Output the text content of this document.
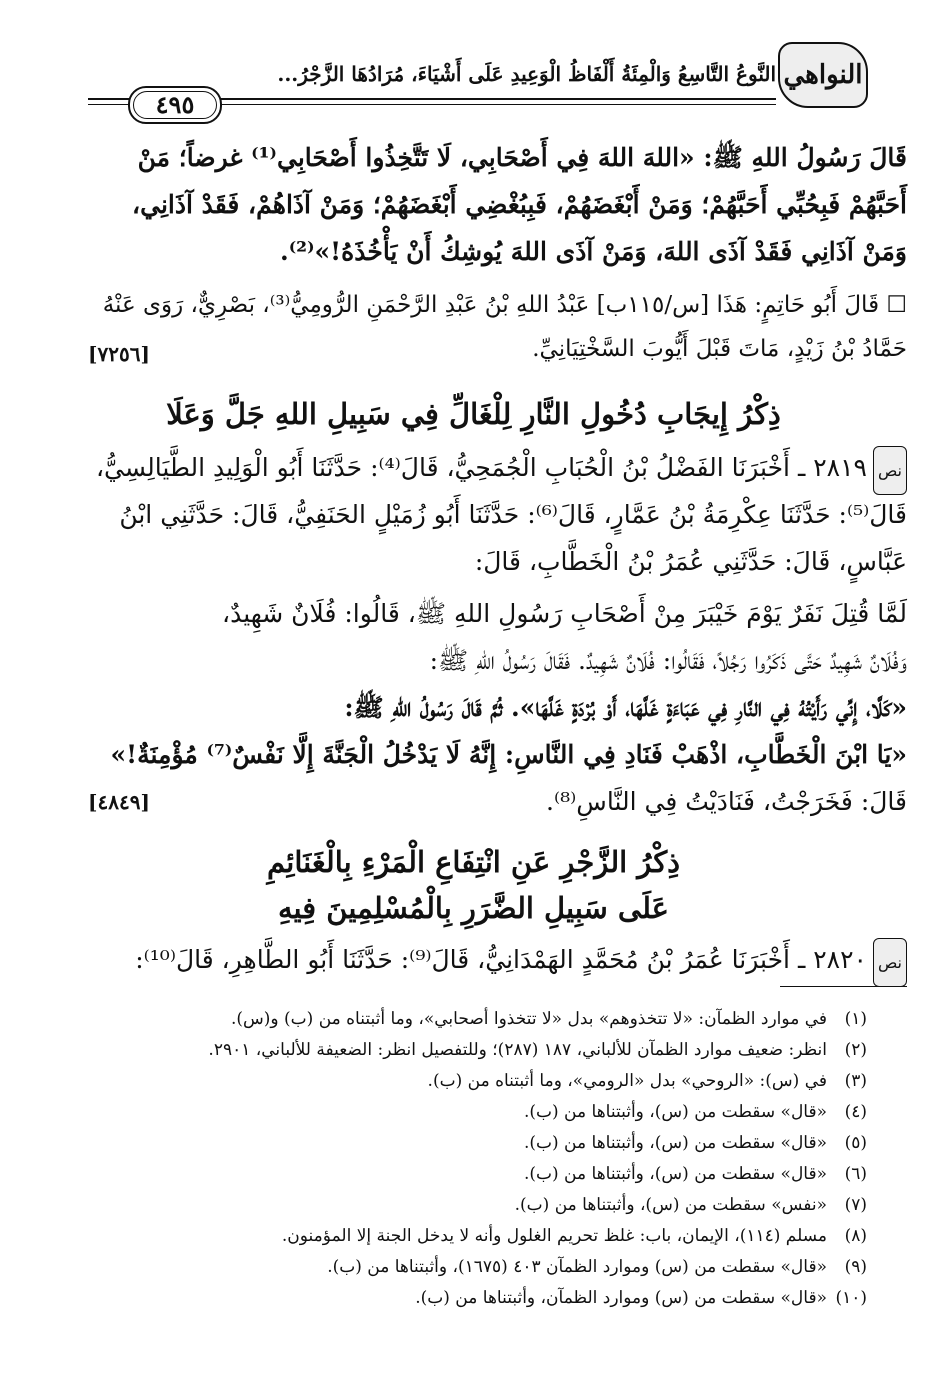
النواهي
النَّوعُ التَّاسِعُ وَالْمِئَةُ أَلْفَاظُ الْوَعِيدِ عَلَى أَشْيَاءَ، مُرَادُهَا الزَّجْرُ...
٤٩٥
قَالَ رَسُولُ اللهِ ﷺ: «اللهَ اللهَ فِي أَصْحَابِي، لَا تَتَّخِذُوا أَصْحَابِي⁽¹⁾ غرضاً؛ مَنْ
أَحَبَّهُمْ فَبِحُبِّي أَحَبَّهُمْ؛ وَمَنْ أَبْغَضَهُمْ، فَبِبُغْضِي أَبْغَضَهُمْ؛ وَمَنْ آذَاهُمْ، فَقَدْ آذَانِي،
وَمَنْ آذَانِي فَقَدْ آذَى اللهَ، وَمَنْ آذَى اللهَ يُوشِكُ أَنْ يَأْخُذَهُ!»⁽²⁾.
☐ قَالَ أَبُو حَاتِمٍ: هَذَا [س/١١٥ب] عَبْدُ اللهِ بْنُ عَبْدِ الرَّحْمَنِ الرُّومِيُّ⁽³⁾، بَصْرِيٌّ، رَوَى عَنْهُ
حَمَّادُ بْنُ زَيْدٍ، مَاتَ قَبْلَ أَيُّوبَ السَّخْتِيَانِيِّ.
[٧٢٥٦]
ذِكْرُ إِيجَابِ دُخُولِ النَّارِ لِلْغَالِّ فِي سَبِيلِ اللهِ جَلَّ وَعَلَا
نص٢٨١٩ ـ أَخْبَرَنَا الفَضْلُ بْنُ الْحُبَابِ الْجُمَحِيُّ، قَالَ⁽⁴⁾: حَدَّثَنَا أَبُو الْوَلِيدِ الطَّيَالِسِيُّ،
قَالَ⁽⁵⁾: حَدَّثَنَا عِكْرِمَةُ بْنُ عَمَّارٍ، قَالَ⁽⁶⁾: حَدَّثَنَا أَبُو زُمَيْلٍ الحَنَفِيُّ، قَالَ: حَدَّثَنِي ابْنُ
عَبَّاسٍ، قَالَ: حَدَّثَنِي عُمَرُ بْنُ الْخَطَّابِ، قَالَ:
لَمَّا قُتِلَ نَفَرٌ يَوْمَ خَيْبَرَ مِنْ أَصْحَابِ رَسُولِ اللهِ ﷺ، قَالُوا: فُلَانٌ شَهِيدٌ،
وَفُلَانٌ شَهِيدٌ حَتَّى ذَكَرُوا رَجُلاً، فَقَالُوا: فُلَانٌ شَهِيدٌ. فَقَالَ رَسُولُ اللهِ ﷺ:
«كَلَّا، إِنِّي رَأَيْتُهُ فِي النَّارِ فِي عَبَاءَةٍ غَلَّهَا، أَوْ بُرْدَةٍ غَلَّهَا». ثُمَّ قَالَ رَسُولُ اللهِ ﷺ:
«يَا ابْنَ الْخَطَّابِ، اذْهَبْ فَنَادِ فِي النَّاسِ: إِنَّهُ لَا يَدْخُلُ الْجَنَّةَ إِلَّا نَفْسٌ⁽⁷⁾ مُؤْمِنَةٌ!»
قَالَ: فَخَرَجْتُ، فَنَادَيْتُ فِي النَّاسِ⁽⁸⁾.
[٤٨٤٩]
ذِكْرُ الزَّجْرِ عَنِ انْتِفَاعِ الْمَرْءِ بِالْغَنَائِمِ
عَلَى سَبِيلِ الضَّرَرِ بِالْمُسْلِمِينَ فِيهِ
نص٢٨٢٠ ـ أَخْبَرَنَا عُمَرُ بْنُ مُحَمَّدٍ الهَمْدَانِيُّ، قَالَ⁽⁹⁾: حَدَّثَنَا أَبُو الطَّاهِرِ، قَالَ⁽¹⁰⁾:
(١)في موارد الظمآن: «لا تتخذوهم» بدل «لا تتخذوا أصحابي»، وما أثبتناه من (ب) و(س).
(٢)انظر: ضعيف موارد الظمآن للألباني، ١٨٧ (٢٨٧)؛ وللتفصيل انظر: الضعيفة للألباني، ٢٩٠١.
(٣)في (س): «الروحي» بدل «الرومي»، وما أثبتناه من (ب).
(٤)«قال» سقطت من (س)، وأثبتناها من (ب).
(٥)«قال» سقطت من (س)، وأثبتناها من (ب).
(٦)«قال» سقطت من (س)، وأثبتناها من (ب).
(٧)«نفس» سقطت من (س)، وأثبتناها من (ب).
(٨)مسلم (١١٤)، الإيمان، باب: غلظ تحريم الغلول وأنه لا يدخل الجنة إلا المؤمنون.
(٩)«قال» سقطت من (س) وموارد الظمآن ٤٠٣ (١٦٧٥)، وأثبتناها من (ب).
(١٠)«قال» سقطت من (س) وموارد الظمآن، وأثبتناها من (ب).
